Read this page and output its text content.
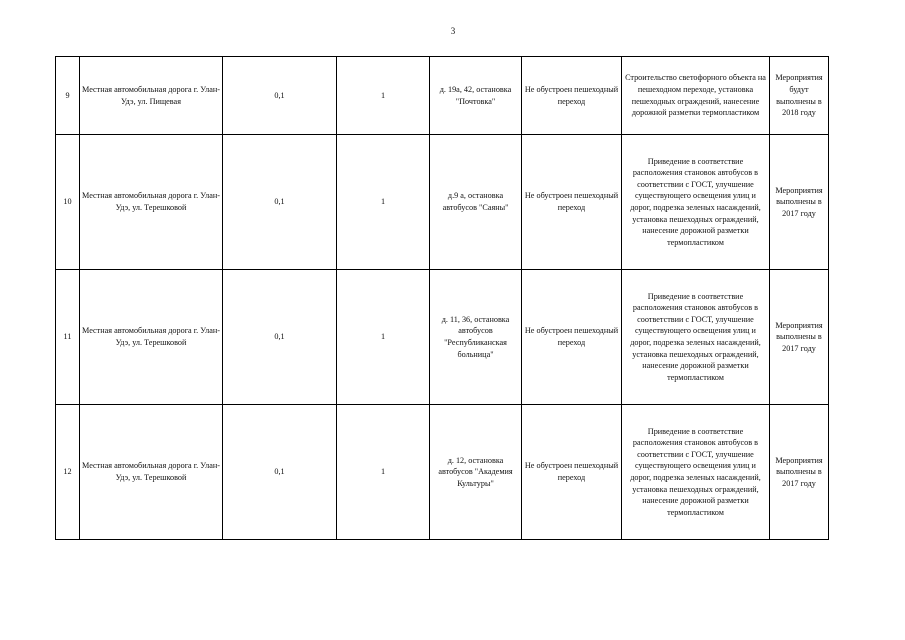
3
9	Местная автомобильная дорога г. Улан-Удэ, ул. Пищевая	0,1	1	д. 19а, 42, остановка "Почтовка"	Не обустроен пешеходный переход	Строительство светофорного объекта на пешеходном переходе, установка пешеходных ограждений, нанесение дорожной разметки термопластиком	Мероприятия будут выполнены в 2018 году
10	Местная автомобильная дорога г. Улан-Удэ, ул. Терешковой	0,1	1	д.9 а, остановка автобусов "Саяны"	Не обустроен пешеходный переход	Приведение в соответствие расположения становок автобусов в соответствии с ГОСТ, улучшение существующего освещения улиц и дорог, подрезка зеленых насаждений, установка пешеходных ограждений, нанесение дорожной разметки термопластиком	Мероприятия выполнены в 2017 году
11	Местная автомобильная дорога г. Улан-Удэ, ул. Терешковой	0,1	1	д. 11, 36, остановка автобусов "Республиканская больница"	Не обустроен пешеходный переход	Приведение в соответствие расположения становок автобусов в соответствии с ГОСТ, улучшение существующего освещения улиц и дорог, подрезка зеленых насаждений, установка пешеходных ограждений, нанесение дорожной разметки термопластиком	Мероприятия выполнены в 2017 году
12	Местная автомобильная дорога г. Улан-Удэ, ул. Терешковой	0,1	1	д. 12, остановка автобусов "Академия Культуры"	Не обустроен пешеходный переход	Приведение в соответствие расположения становок автобусов в соответствии с ГОСТ, улучшение существующего освещения улиц и дорог, подрезка зеленых насаждений, установка пешеходных ограждений, нанесение дорожной разметки термопластиком	Мероприятия выполнены в 2017 году
